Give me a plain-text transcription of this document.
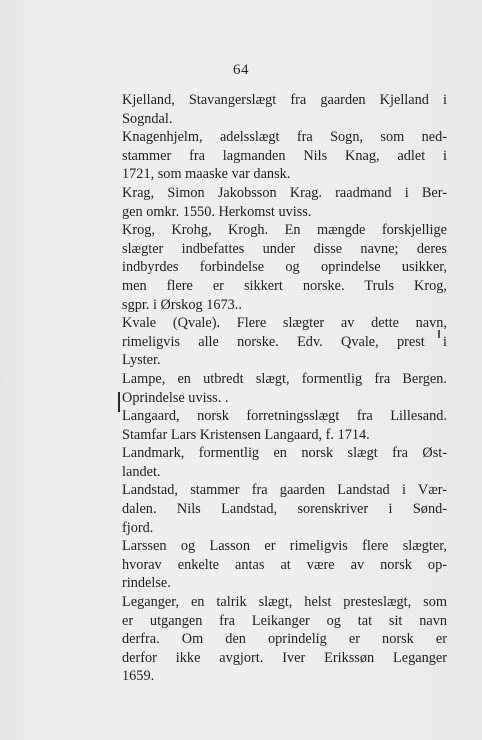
64

Kjelland, Stavangerslægt fra gaarden Kjelland i
Sogndal.

Knagenhjelm, adelsslægt fra Sogn, som ned-
stammer fra lagmanden Nils Knag, adlet i
1721, som maaske var dansk.

Krag, Simon Jakobsson Krag. raadmand i Ber-
gen omkr. 1550. Herkomst uviss.

Krog, Krohg, Krogh. En mængde forskjellige
slægter indbefattes under disse navne; deres
indbyrdes forbindelse og oprindelse usikker,
men flere er sikkert norske. Truls Krog,
sgpr. i Ørskog 1673..

Kvale (Qvale). Flere slægter av dette navn,
rimeligvis alle norske. Edv. Qvale, prest i
Lyster.

Lampe, en utbredt slægt, formentlig fra Bergen.
Oprindelse uviss. .

Langaard, norsk forretningsslægt fra Lillesand.
Stamfar Lars Kristensen Langaard, f. 1714.

Landmark, formentlig en norsk slægt fra Øst-
landet.

Landstad, stammer fra gaarden Landstad i Vær-
dalen. Nils Landstad, sorenskriver i Sønd-
fjord.

Larssen og Lasson er rimeligvis flere slægter,
hvorav enkelte antas at være av norsk op-
rindelse.

Leganger, en talrik slægt, helst presteslægt, som
er utgangen fra Leikanger og tat sit navn
derfra. Om den oprindelig er norsk er
derfor ikke avgjort. Iver Erikssøn Leganger
1659.
